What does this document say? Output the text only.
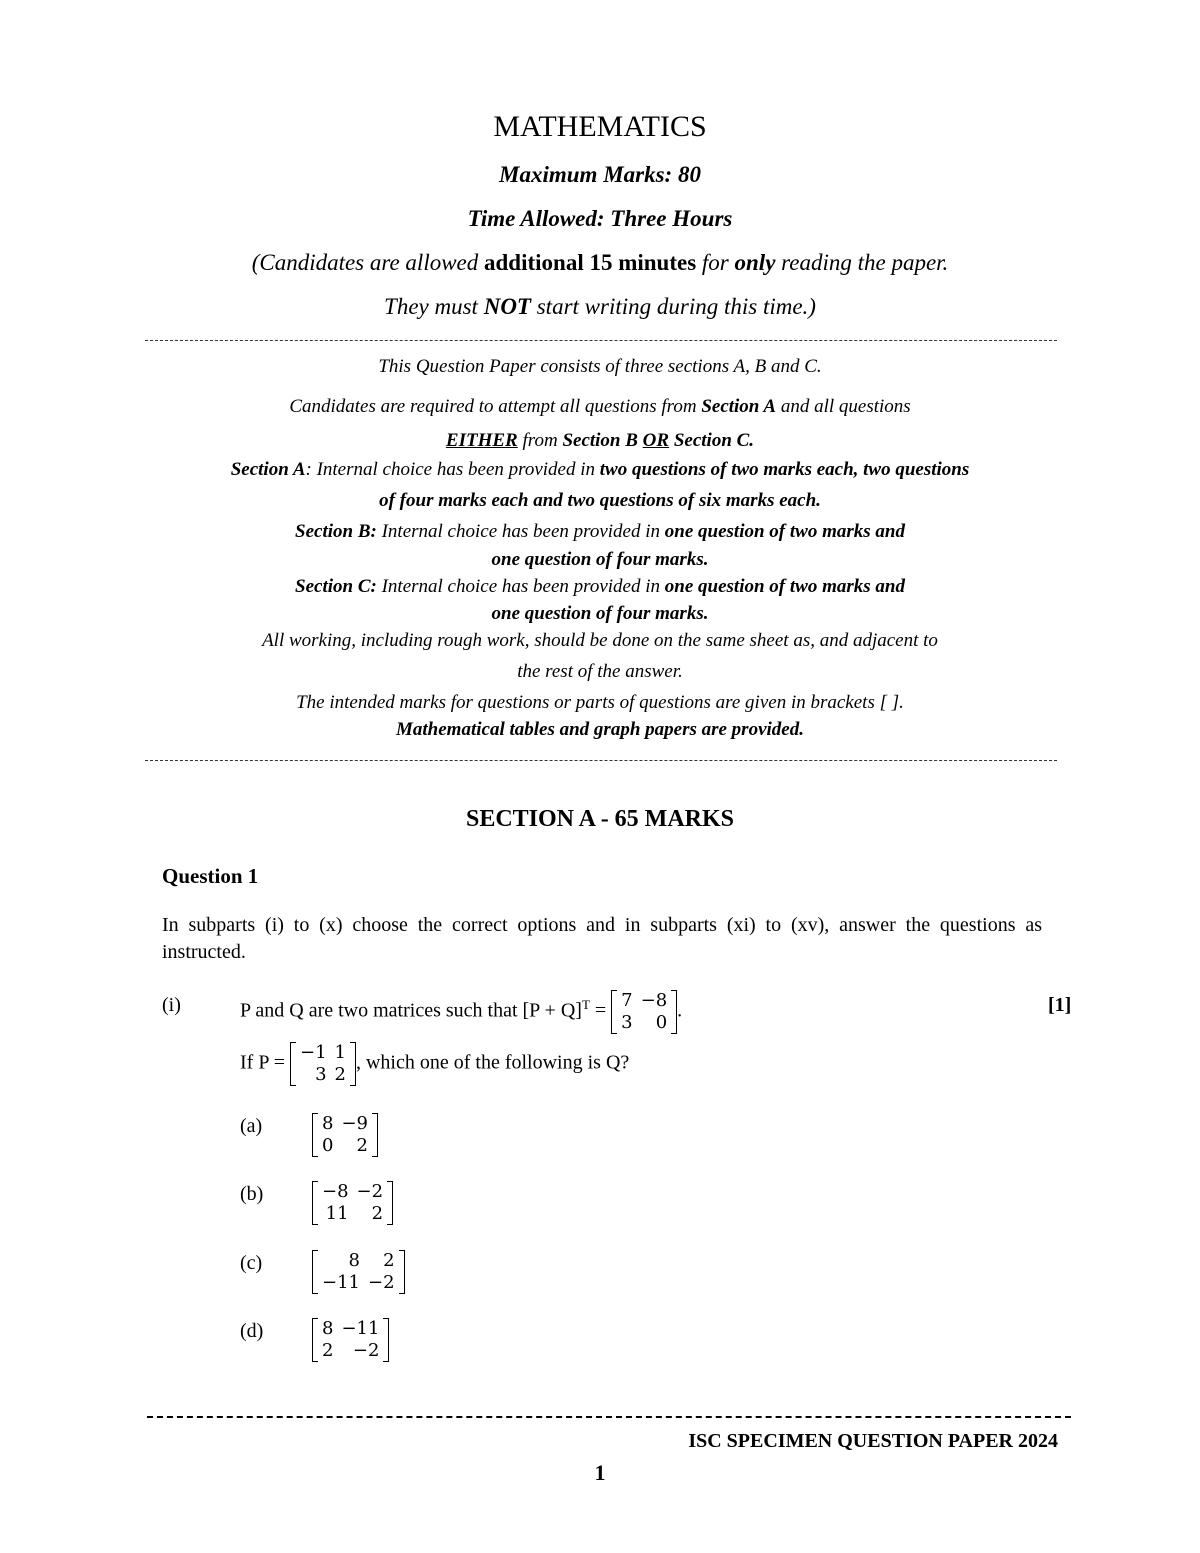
MATHEMATICS
Maximum Marks: 80
Time Allowed: Three Hours
(Candidates are allowed additional 15 minutes for only reading the paper.
They must NOT start writing during this time.)
This Question Paper consists of three sections A, B and C.
Candidates are required to attempt all questions from Section A and all questions
EITHER from Section B OR Section C.
Section A: Internal choice has been provided in two questions of two marks each, two questions
of four marks each and two questions of six marks each.
Section B: Internal choice has been provided in one question of two marks and
one question of four marks.
Section C: Internal choice has been provided in one question of two marks and
one question of four marks.
All working, including rough work, should be done on the same sheet as, and adjacent to
the rest of the answer.
The intended marks for questions or parts of questions are given in brackets [ ].
Mathematical tables and graph papers are provided.
SECTION A - 65 MARKS
Question 1
In subparts (i) to (x) choose the correct options and in subparts (xi) to (xv), answer the questions as instructed.
(i)	P and Q are two matrices such that $[P + Q]^T = 7$	−8
3	0
.	[1]
If P = −1	1
3	2
, which one of the following is Q?
(a)	8	−9
0	2
(b)	−8	−2
11	2
(c)	8	2
−11	−2
(d)	8	−11
2	−2
ISC SPECIMEN QUESTION PAPER 2024
1
